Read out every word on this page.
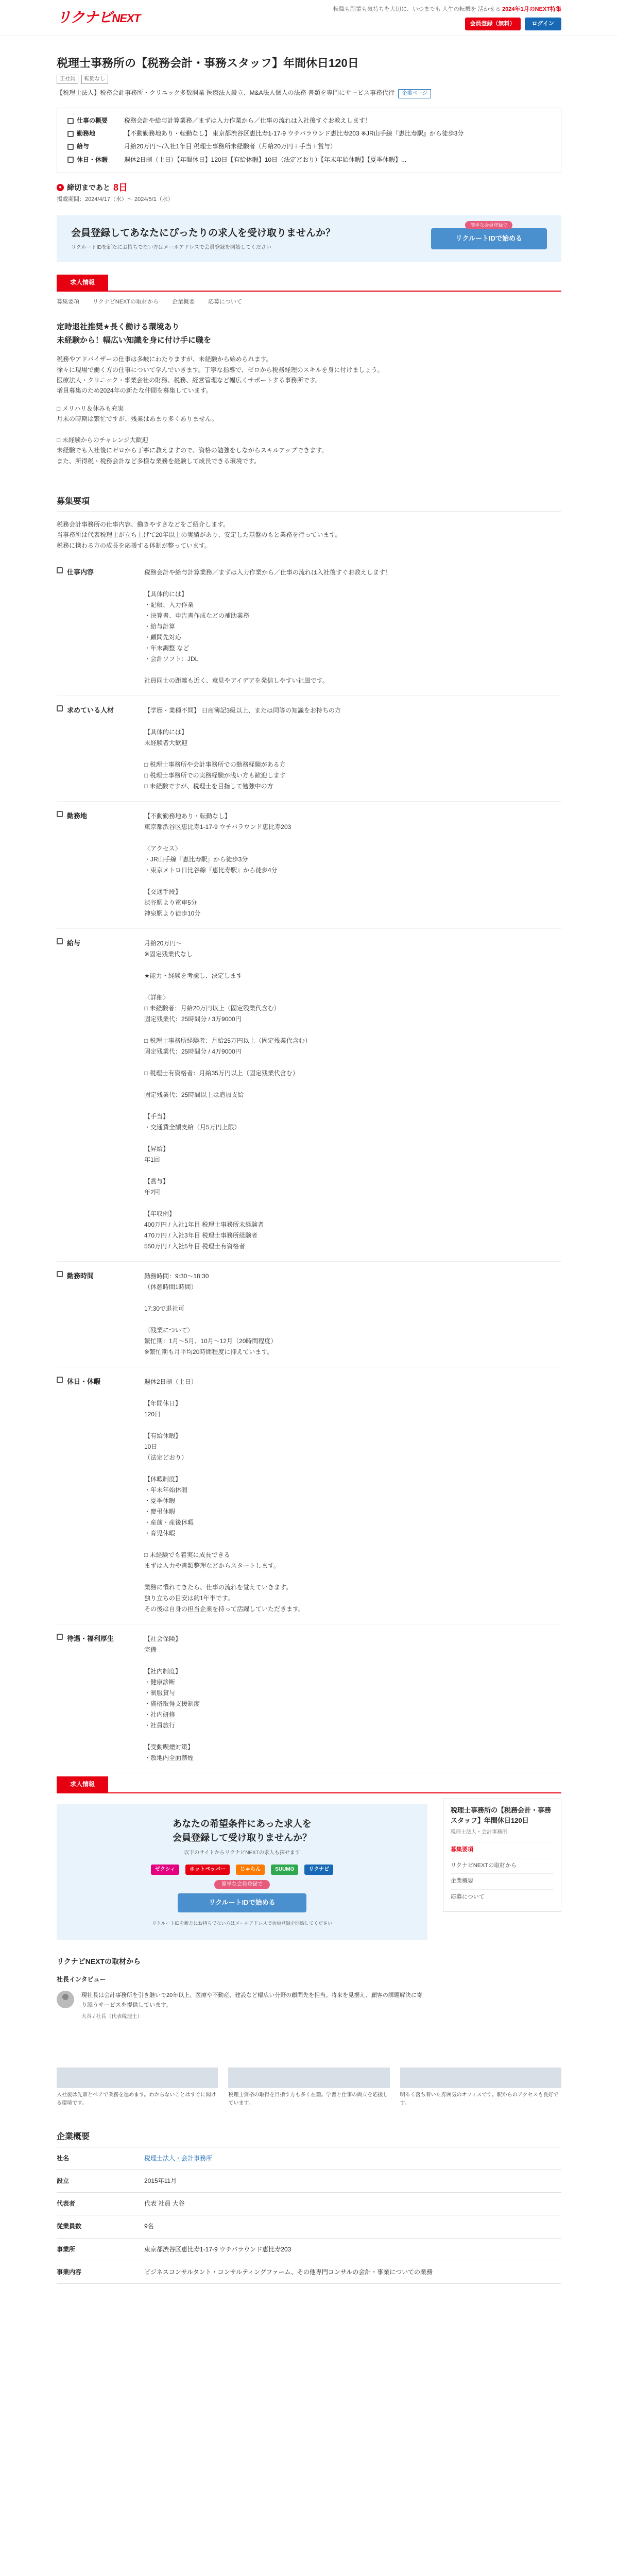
リクナビNEXT
転職も副業も気持ちを大切に、いつまでも 人生の転機を 活かせる 2024年1月のNEXT特集
会員登録（無料）	ログイン
税理士事務所の【税務会計・事務スタッフ】年間休日120日
正社員	転勤なし
【税理士法人】税務会計事務所・クリニック多数開業 医療法人設立、M&A法人個人の法務 書類を専門にサービス事務代行 企業ページ
仕事の概要	税務会計や給与計算業務／まずは入力作業から／仕事の流れは入社後すぐお教えします！
勤務地	【不動勤務地あり・転勤なし】 東京都渋谷区恵比寿1-17-9 ウチバラウンド恵比寿203 ※JR山手線『恵比寿駅』から徒歩3分
給与	月給20万円〜/入社1年目 税理士事務所未経験者（月給20万円＋手当＋賞与）
休日・休暇	週休2日制（土日）【年間休日】120日【有給休暇】10日（法定どおり）【年末年始休暇】【夏季休暇】...
● 締切まであと 8日
掲載期間：2024/4/17（水）〜 2024/5/1（水）
会員登録してあなたにぴったりの求人を受け取りませんか？

リクルートIDを新たにお持ちでない方はメールアドレスで会員登録を開始してください

簡単な会員登録で
リクルートIDで始める
求人情報
募集要項 リクナビNEXTの取材から 企業概要 応募について
定時退社推奨★長く働ける環境あり
未経験から！幅広い知識を身に付け手に職を
税務やアドバイザーの仕事は多岐にわたりますが、未経験から始められます。
徐々に現場で働く方の仕事について学んでいきます。丁寧な指導で、ゼロから税務経理のスキルを身に付けましょう。
医療法人・クリニック・事業会社の財務、税務、経営管理など幅広くサポートする事務所です。
増員募集のため2024年の新たな仲間を募集しています。
□ メリハリ＆休みも充実
月末の時期は繁忙ですが、残業はあまり多くありません。

□ 未経験からのチャレンジ大歓迎
未経験でも入社後にゼロから丁寧に教えますので、資格の勉強をしながらスキルアップできます。
また、所得税・税務会計など多様な業務を経験して成長できる環境です。
募集要項
税務会計事務所の仕事内容、働きやすさなどをご紹介します。
当事務所は代表税理士が立ち上げて20年以上の実績があり、安定した基盤のもと業務を行っています。
税務に携わる方の成長を応援する体制が整っています。
仕事内容	税務会計や給与計算業務／まずは入力作業から／仕事の流れは入社後すぐお教えします！

【具体的には】
・記帳、入力作業
・決算書、申告書作成などの補助業務
・給与計算
・顧問先対応
・年末調整 など
・会計ソフト：JDL

社員同士の距離も近く、意見やアイデアを発信しやすい社風です。
求めている人材	【学歴・業種不問】 日商簿記3級以上、または同等の知識をお持ちの方

【具体的には】
未経験者大歓迎

□ 税理士事務所や会計事務所での勤務経験がある方
□ 税理士事務所での実務経験が浅い方も歓迎します
□ 未経験ですが、税理士を目指して勉強中の方
勤務地	【不動勤務地あり・転勤なし】
東京都渋谷区恵比寿1-17-9 ウチバラウンド恵比寿203

〈アクセス〉
・JR山手線『恵比寿駅』から徒歩3分
・東京メトロ日比谷線『恵比寿駅』から徒歩4分

【交通手段】
渋谷駅より電車5分
神泉駅より徒歩10分
給与	月給20万円〜
※固定残業代なし

★能力・経験を考慮し、決定します

〈詳細〉
□ 未経験者：月給20万円以上（固定残業代含む）
固定残業代：25時間分 / 3万9000円

□ 税理士事務所経験者：月給25万円以上（固定残業代含む）
固定残業代：25時間分 / 4万9000円

□ 税理士有資格者：月給35万円以上（固定残業代含む）

固定残業代：25時間以上は追加支給

【手当】
・交通費全額支給（月5万円上限）

【昇給】
年1回

【賞与】
年2回

【年収例】
400万円 / 入社1年目 税理士事務所未経験者
470万円 / 入社3年目 税理士事務所経験者
550万円 / 入社5年目 税理士有資格者
勤務時間	勤務時間：9:30〜18:30
（休憩時間1時間）

17:30で退社可

〈残業について〉
繁忙期：1月〜5月、10月〜12月（20時間程度）
※繁忙期も月平均20時間程度に抑えています。
休日・休暇	週休2日制（土日）

【年間休日】
120日

【有給休暇】
10日
（法定どおり）

【休暇制度】
・年末年始休暇
・夏季休暇
・慶弔休暇
・産前・産後休暇
・育児休暇

□ 未経験でも着実に成長できる
まずは入力や書類整理などからスタートします。

業務に慣れてきたら、仕事の流れを覚えていきます。
独り立ちの目安は約1年半です。
その後は自身の担当企業を持って活躍していただきます。
待遇・福利厚生	【社会保険】
完備

【社内制度】
・健康診断
・制服貸与
・資格取得支援制度
・社内研修
・社員旅行

【受動喫煙対策】
・敷地内全面禁煙
求人情報
あなたの希望条件にあった求人を
会員登録して受け取りませんか？
以下のサイトからリクナビNEXTの求人も探せます
ゼクシィ	ホットペッパー	じゃらん	SUUMO	リクナビ
簡単な会員登録で
リクルートIDで始める
リクルートIDを新たにお持ちでない方はメールアドレスで会員登録を開始してください
リクナビNEXTの取材から
社長インタビュー
現社長は会計事務所を引き継いで20年以上、医療や不動産、建設など幅広い分野の顧問先を担当。将来を見据え、顧客の課題解決に寄り添うサービスを提供しています。
大谷 / 社長（代表税理士）
税理士事務所の【税務会計・事務スタッフ】年間休日120日
税理士法人・会計事務所
募集要項
リクナビNEXTの取材から
企業概要
応募について
入社後は先輩とペアで業務を進めます。わからないことはすぐに聞ける環境です。
税理士資格の取得を目指す方も多く在籍。学習と仕事の両立を応援しています。
明るく落ち着いた雰囲気のオフィスです。駅からのアクセスも良好です。
企業概要
社名	税理士法人・会計事務所
設立	2015年11月
代表者	代表 社員 大谷
従業員数	9名
事業所	東京都渋谷区恵比寿1-17-9 ウチバラウンド恵比寿203
事業内容	ビジネスコンサルタント・コンサルティングファーム、その他専門コンサルの会計・事業についての業務
